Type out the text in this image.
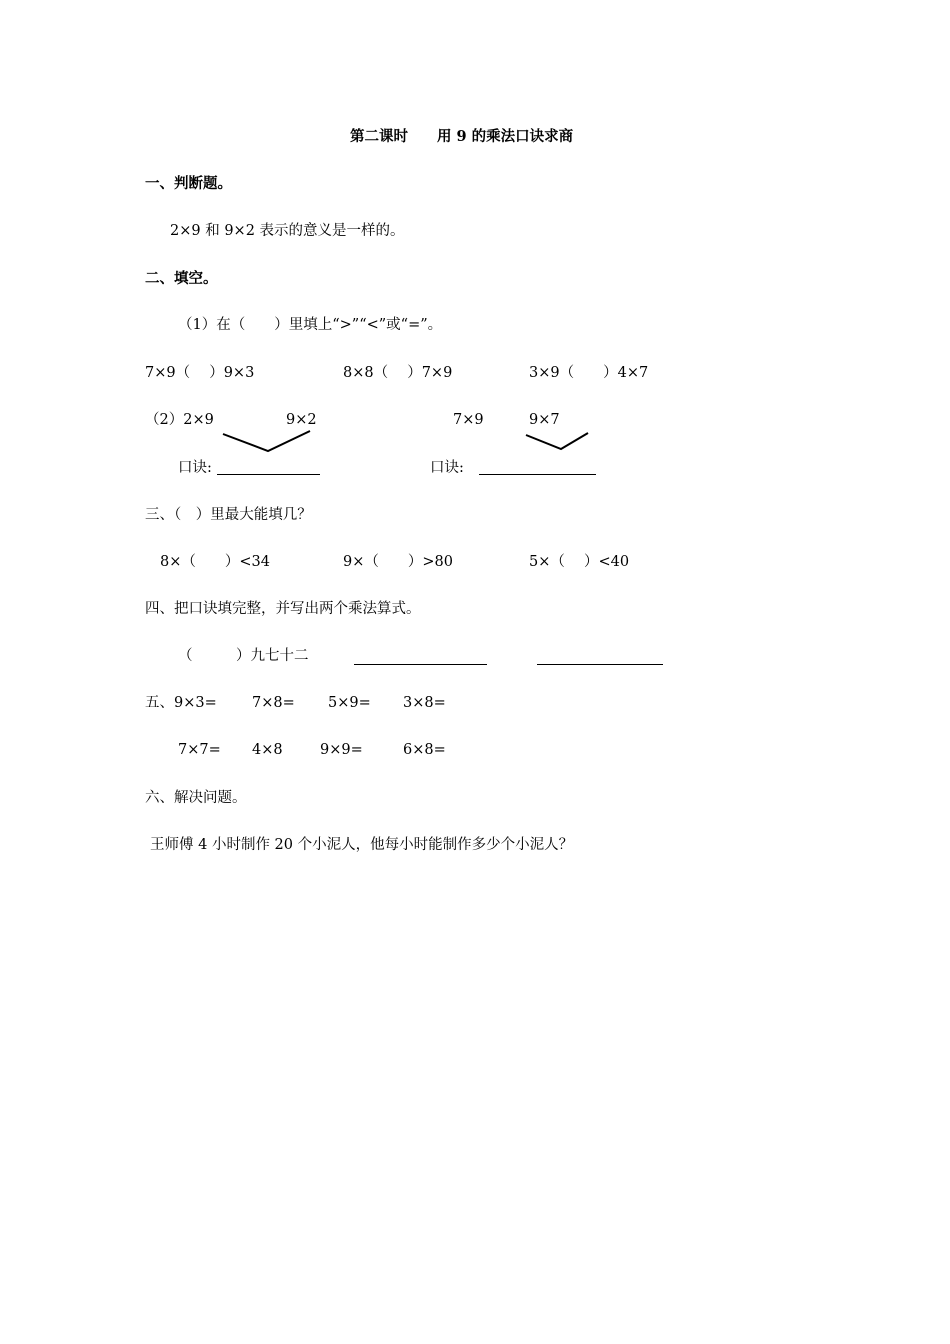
第二课时　　用 9 的乘法口诀求商
一、判断题。
2×9 和 9×2 表示的意义是一样的。
二、填空。
（1）在（　　）里填上“>”“<”或“=”。
7×9（　 ）9×3	8×8（　 ）7×9	3×9（　　）4×7
（2）2×9	9×2	7×9	9×7
口诀:	口诀:
三、（　）里最大能填几？
8×（　　）<34	9×（　　）>80	5×（　 ）<40
四、把口诀填完整，并写出两个乘法算式。
（　　　）九七十二
五、9×3= 7×8= 5×9= 3×8=
7×7= 4×8	9×9=	6×8=
六、解决问题。
王师傅 4 小时制作 20 个小泥人，他每小时能制作多少个小泥人？
